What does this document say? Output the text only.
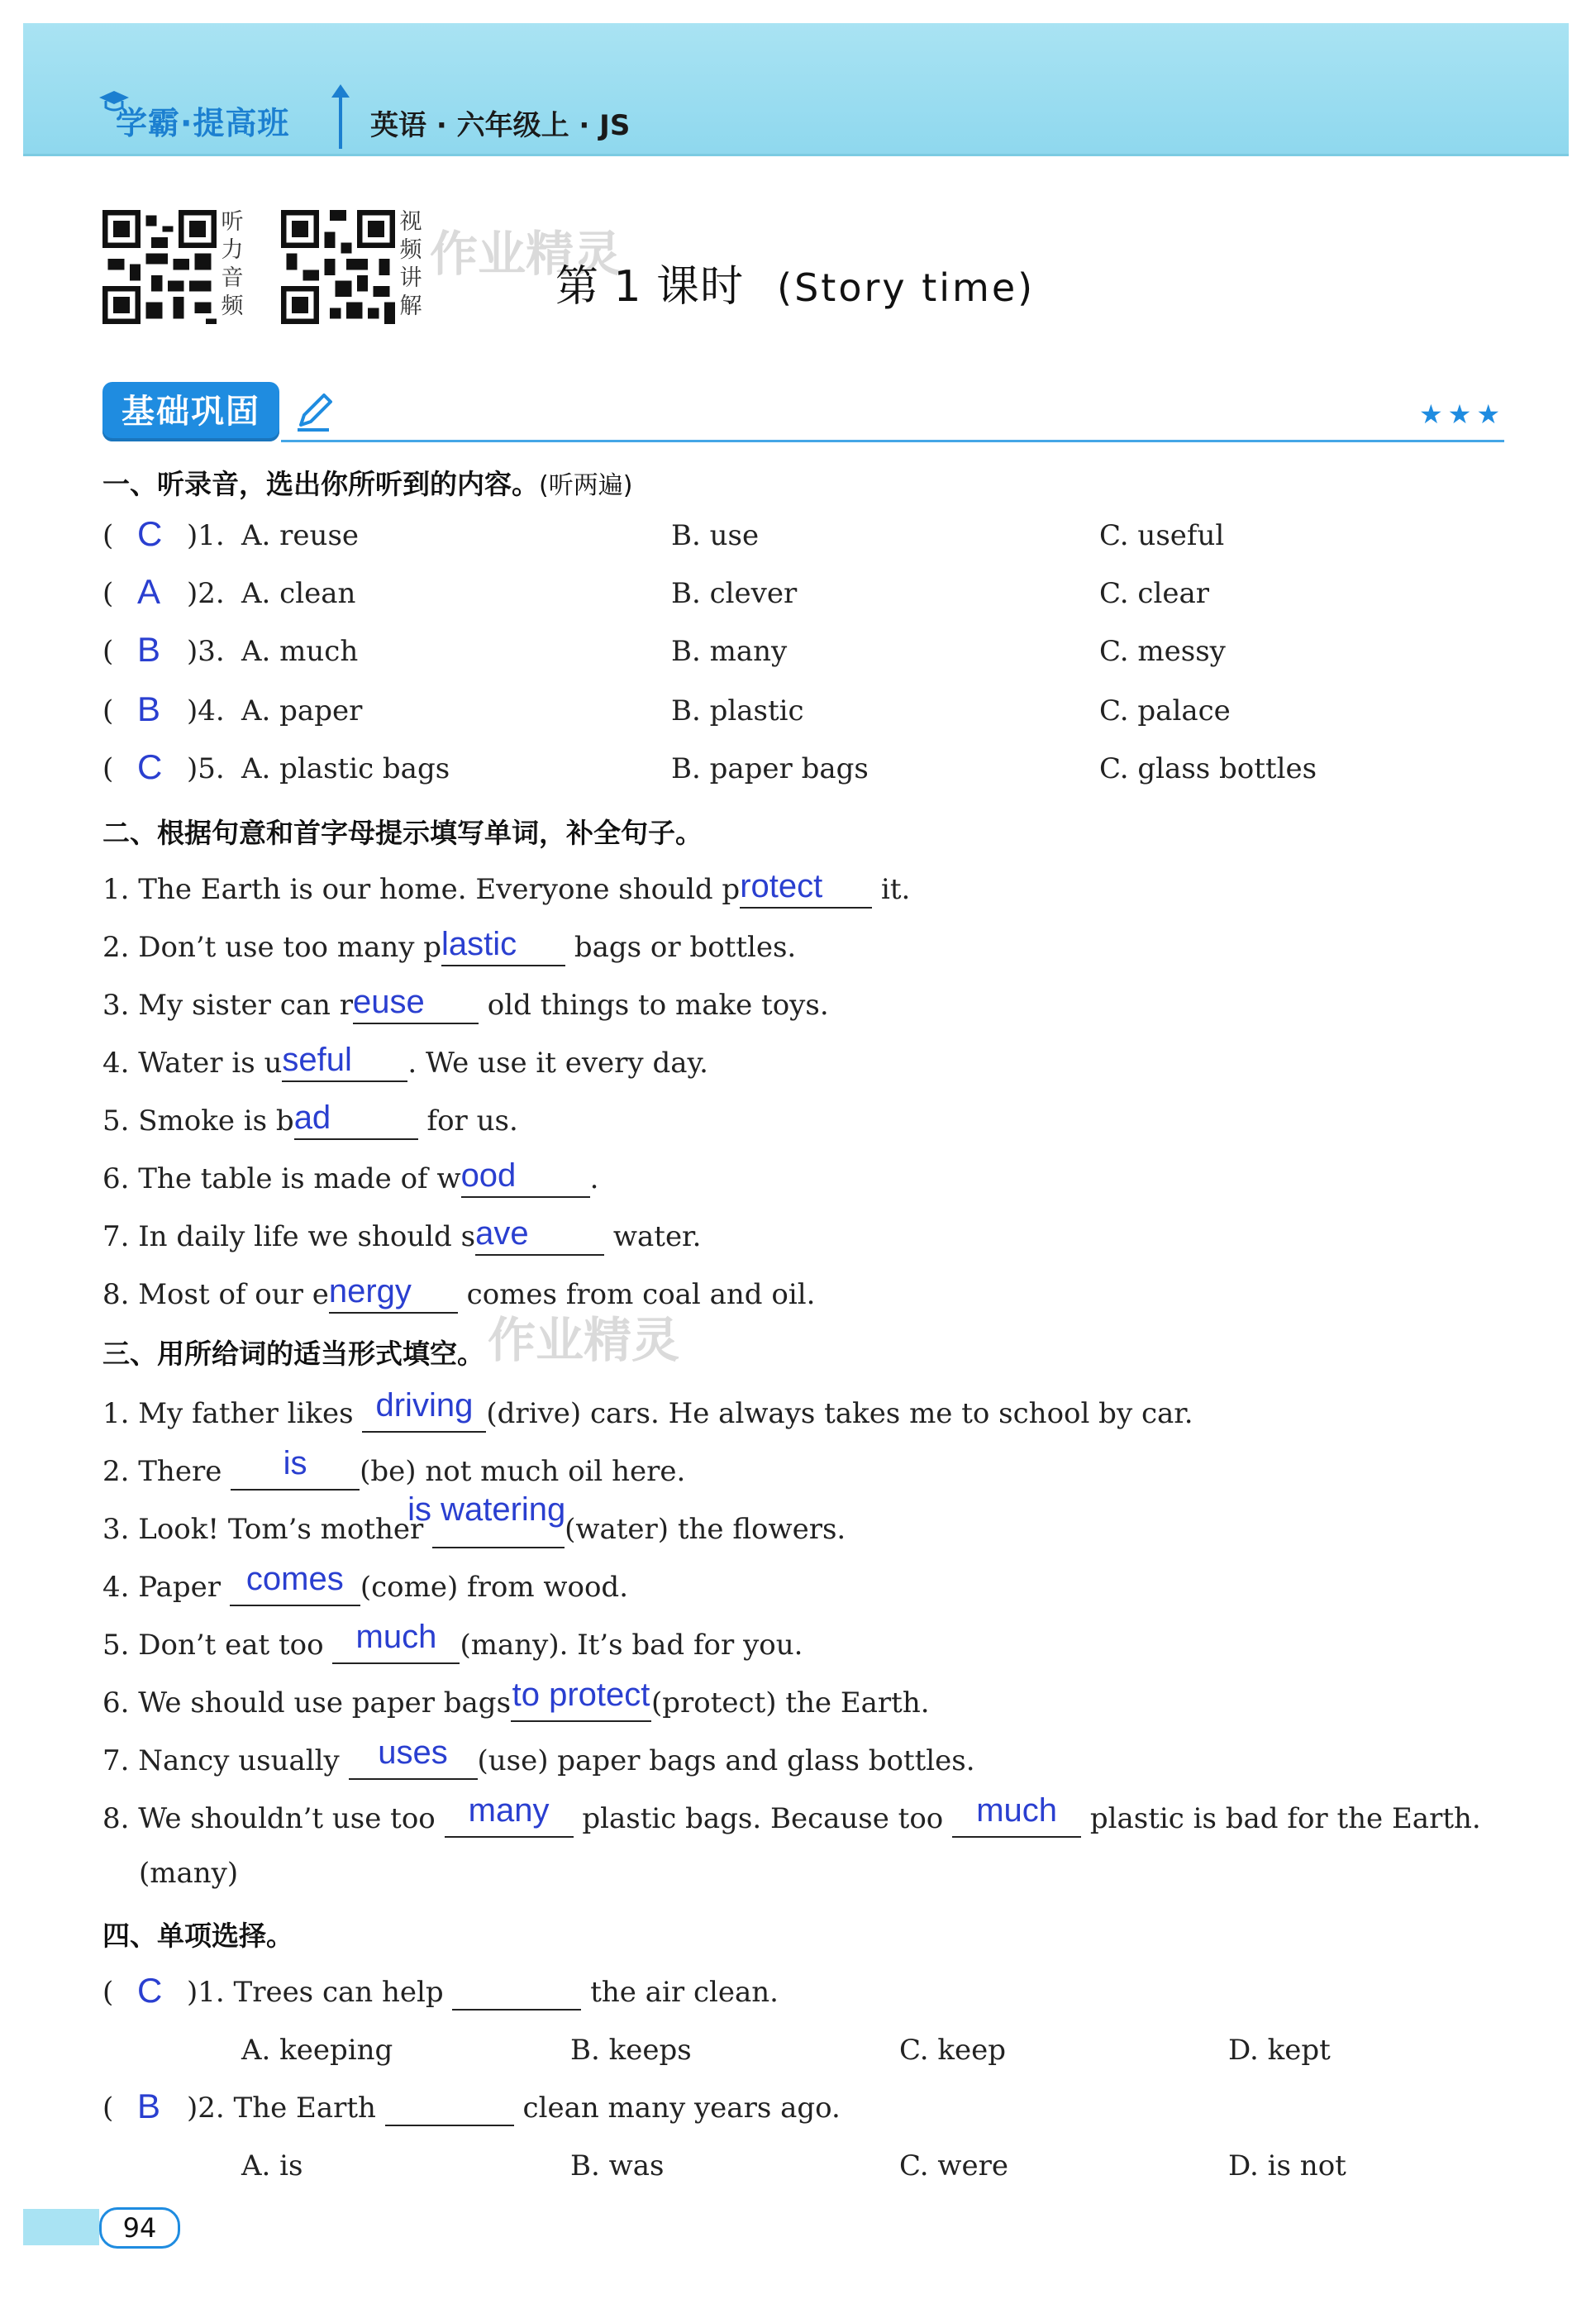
学霸·提高班	英语 · 六年级上 · JS
听
力
音
频
视
频
讲
解
作业精灵
第 1 课时 (Story time)
基础巩固	★★★
一、听录音，选出你所听到的内容。(听两遍)
( C )1. A. reuse	B. use	C. useful
( A )2. A. clean	B. clever	C. clear
( B )3. A. much	B. many	C. messy
( B )4. A. paper	B. plastic	C. palace
( C )5. A. plastic bags	B. paper bags	C. glass bottles
二、根据句意和首字母提示填写单词，补全句子。
1. The Earth is our home. Everyone should protect it.
2. Don’t use too many plastic bags or bottles.
3. My sister can reuse old things to make toys.
4. Water is useful . We use it every day.
5. Smoke is bad	for us.
6. The table is made of wood	.
7. In daily life we should save	water.
8. Most of our energy comes from coal and oil.
作业精灵
三、用所给词的适当形式填空。
1. My father likes driving (drive) cars. He always takes me to school by car.
2. There is (be) not much oil here.
3. Look! Tom’s mother is watering(water) the flowers.
4. Paper comes (come) from wood.
5. Don’t eat too much (many). It’s bad for you.
6. We should use paper bagsto protect(protect) the Earth.
7. Nancy usually uses (use) paper bags and glass bottles.
8. We shouldn’t use too many plastic bags. Because too much plastic is bad for the Earth.
(many)
四、单项选择。
( C )1. Trees can help	the air clean.
A. keeping	B. keeps	C. keep	D. kept
( B )2. The Earth	clean many years ago.
A. is	B. was	C. were	D. is not
94
